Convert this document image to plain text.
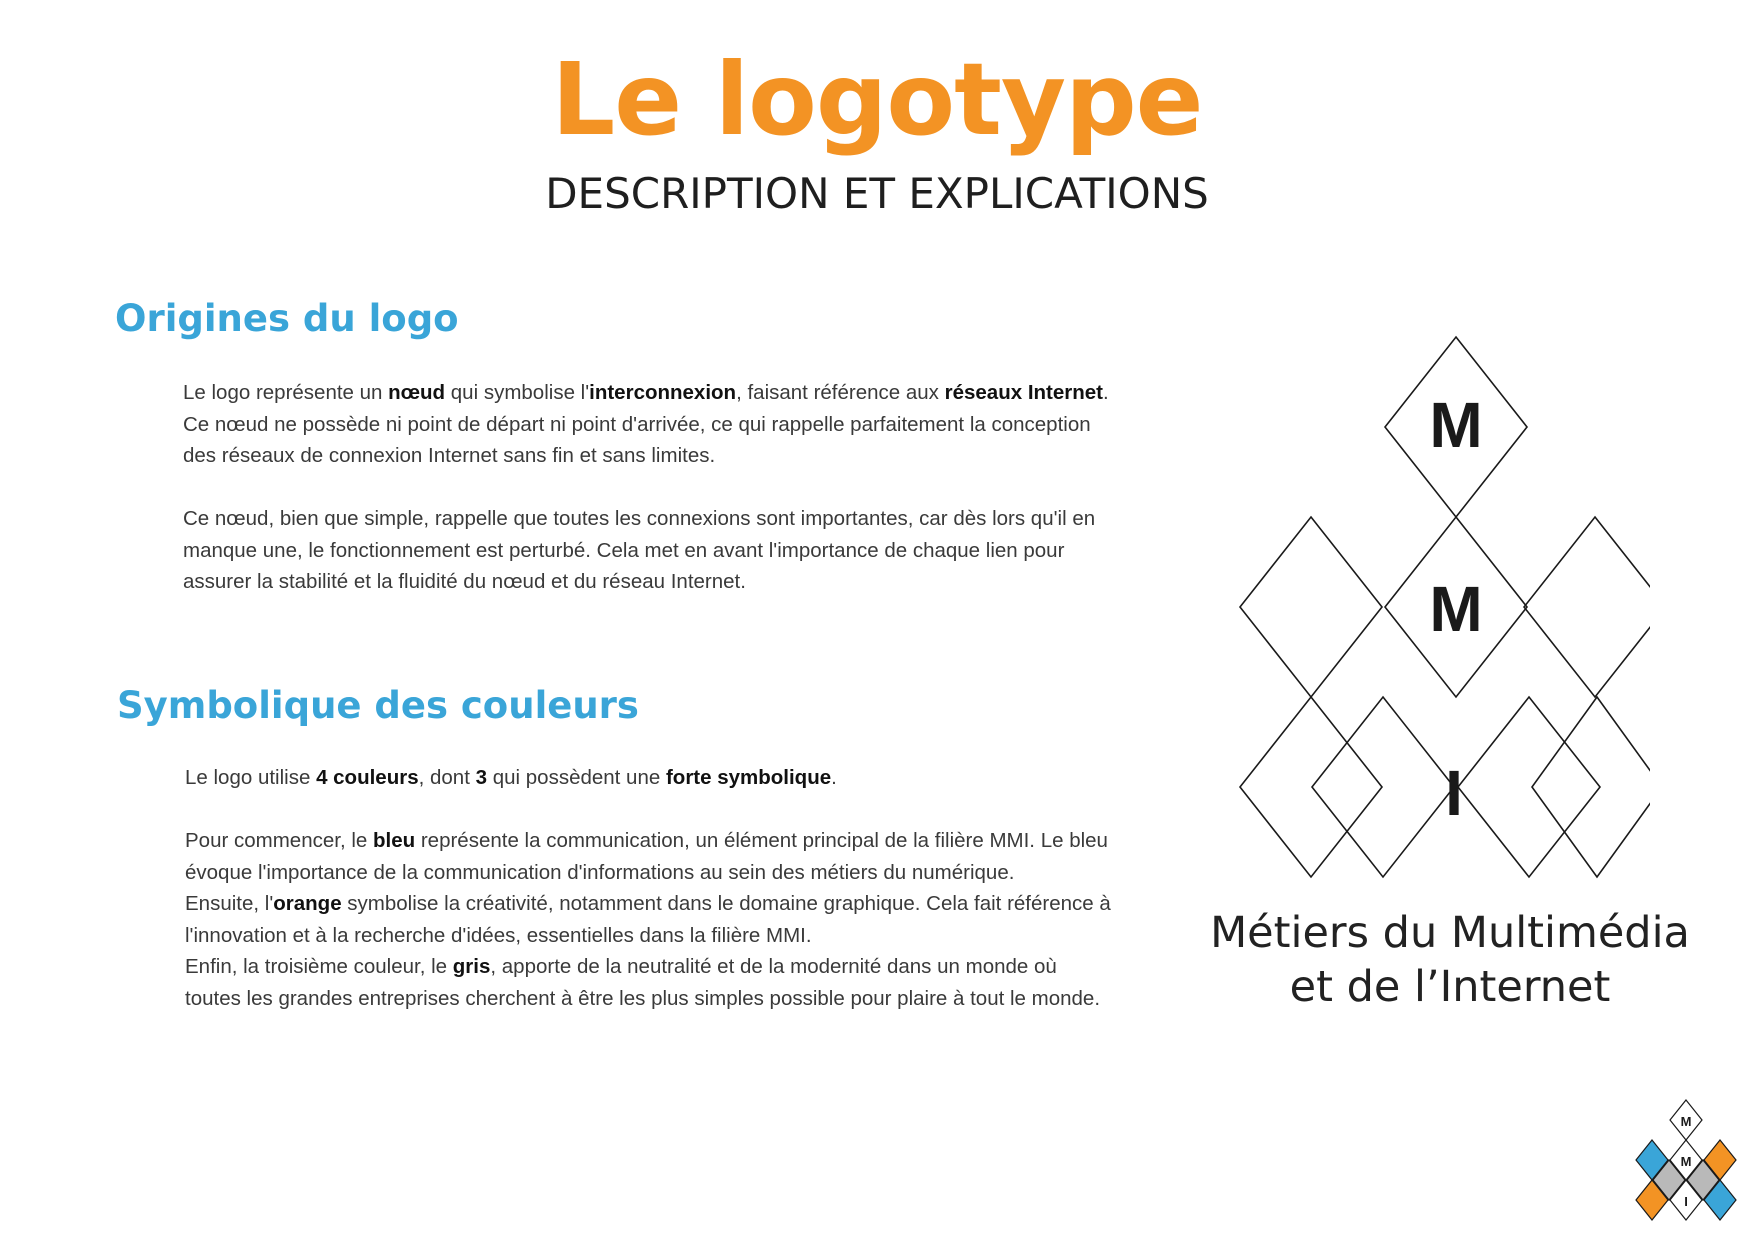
Le logotype
DESCRIPTION ET EXPLICATIONS
Origines du logo

Le logo représente un nœud qui symbolise l'interconnexion, faisant référence aux réseaux Internet. Ce nœud ne possède ni point de départ ni point d'arrivée, ce qui rappelle parfaitement la conception des réseaux de connexion Internet sans fin et sans limites.

Ce nœud, bien que simple, rappelle que toutes les connexions sont importantes, car dès lors qu'il en manque une, le fonctionnement est perturbé. Cela met en avant l'importance de chaque lien pour assurer la stabilité et la fluidité du nœud et du réseau Internet.

Symbolique des couleurs

Le logo utilise 4 couleurs, dont 3 qui possèdent une forte symbolique.

Pour commencer, le bleu représente la communication, un élément principal de la filière MMI. Le bleu évoque l'importance de la communication d'informations au sein des métiers du numérique.

Ensuite, l'orange symbolise la créativité, notamment dans le domaine graphique. Cela fait référence à l'innovation et à la recherche d'idées, essentielles dans la filière MMI.

Enfin, la troisième couleur, le gris, apporte de la neutralité et de la modernité dans un monde où toutes les grandes entreprises cherchent à être les plus simples possible pour plaire à tout le monde.

M
M
I
Métiers du Multimédia
et de l’Internet
M
M
I
